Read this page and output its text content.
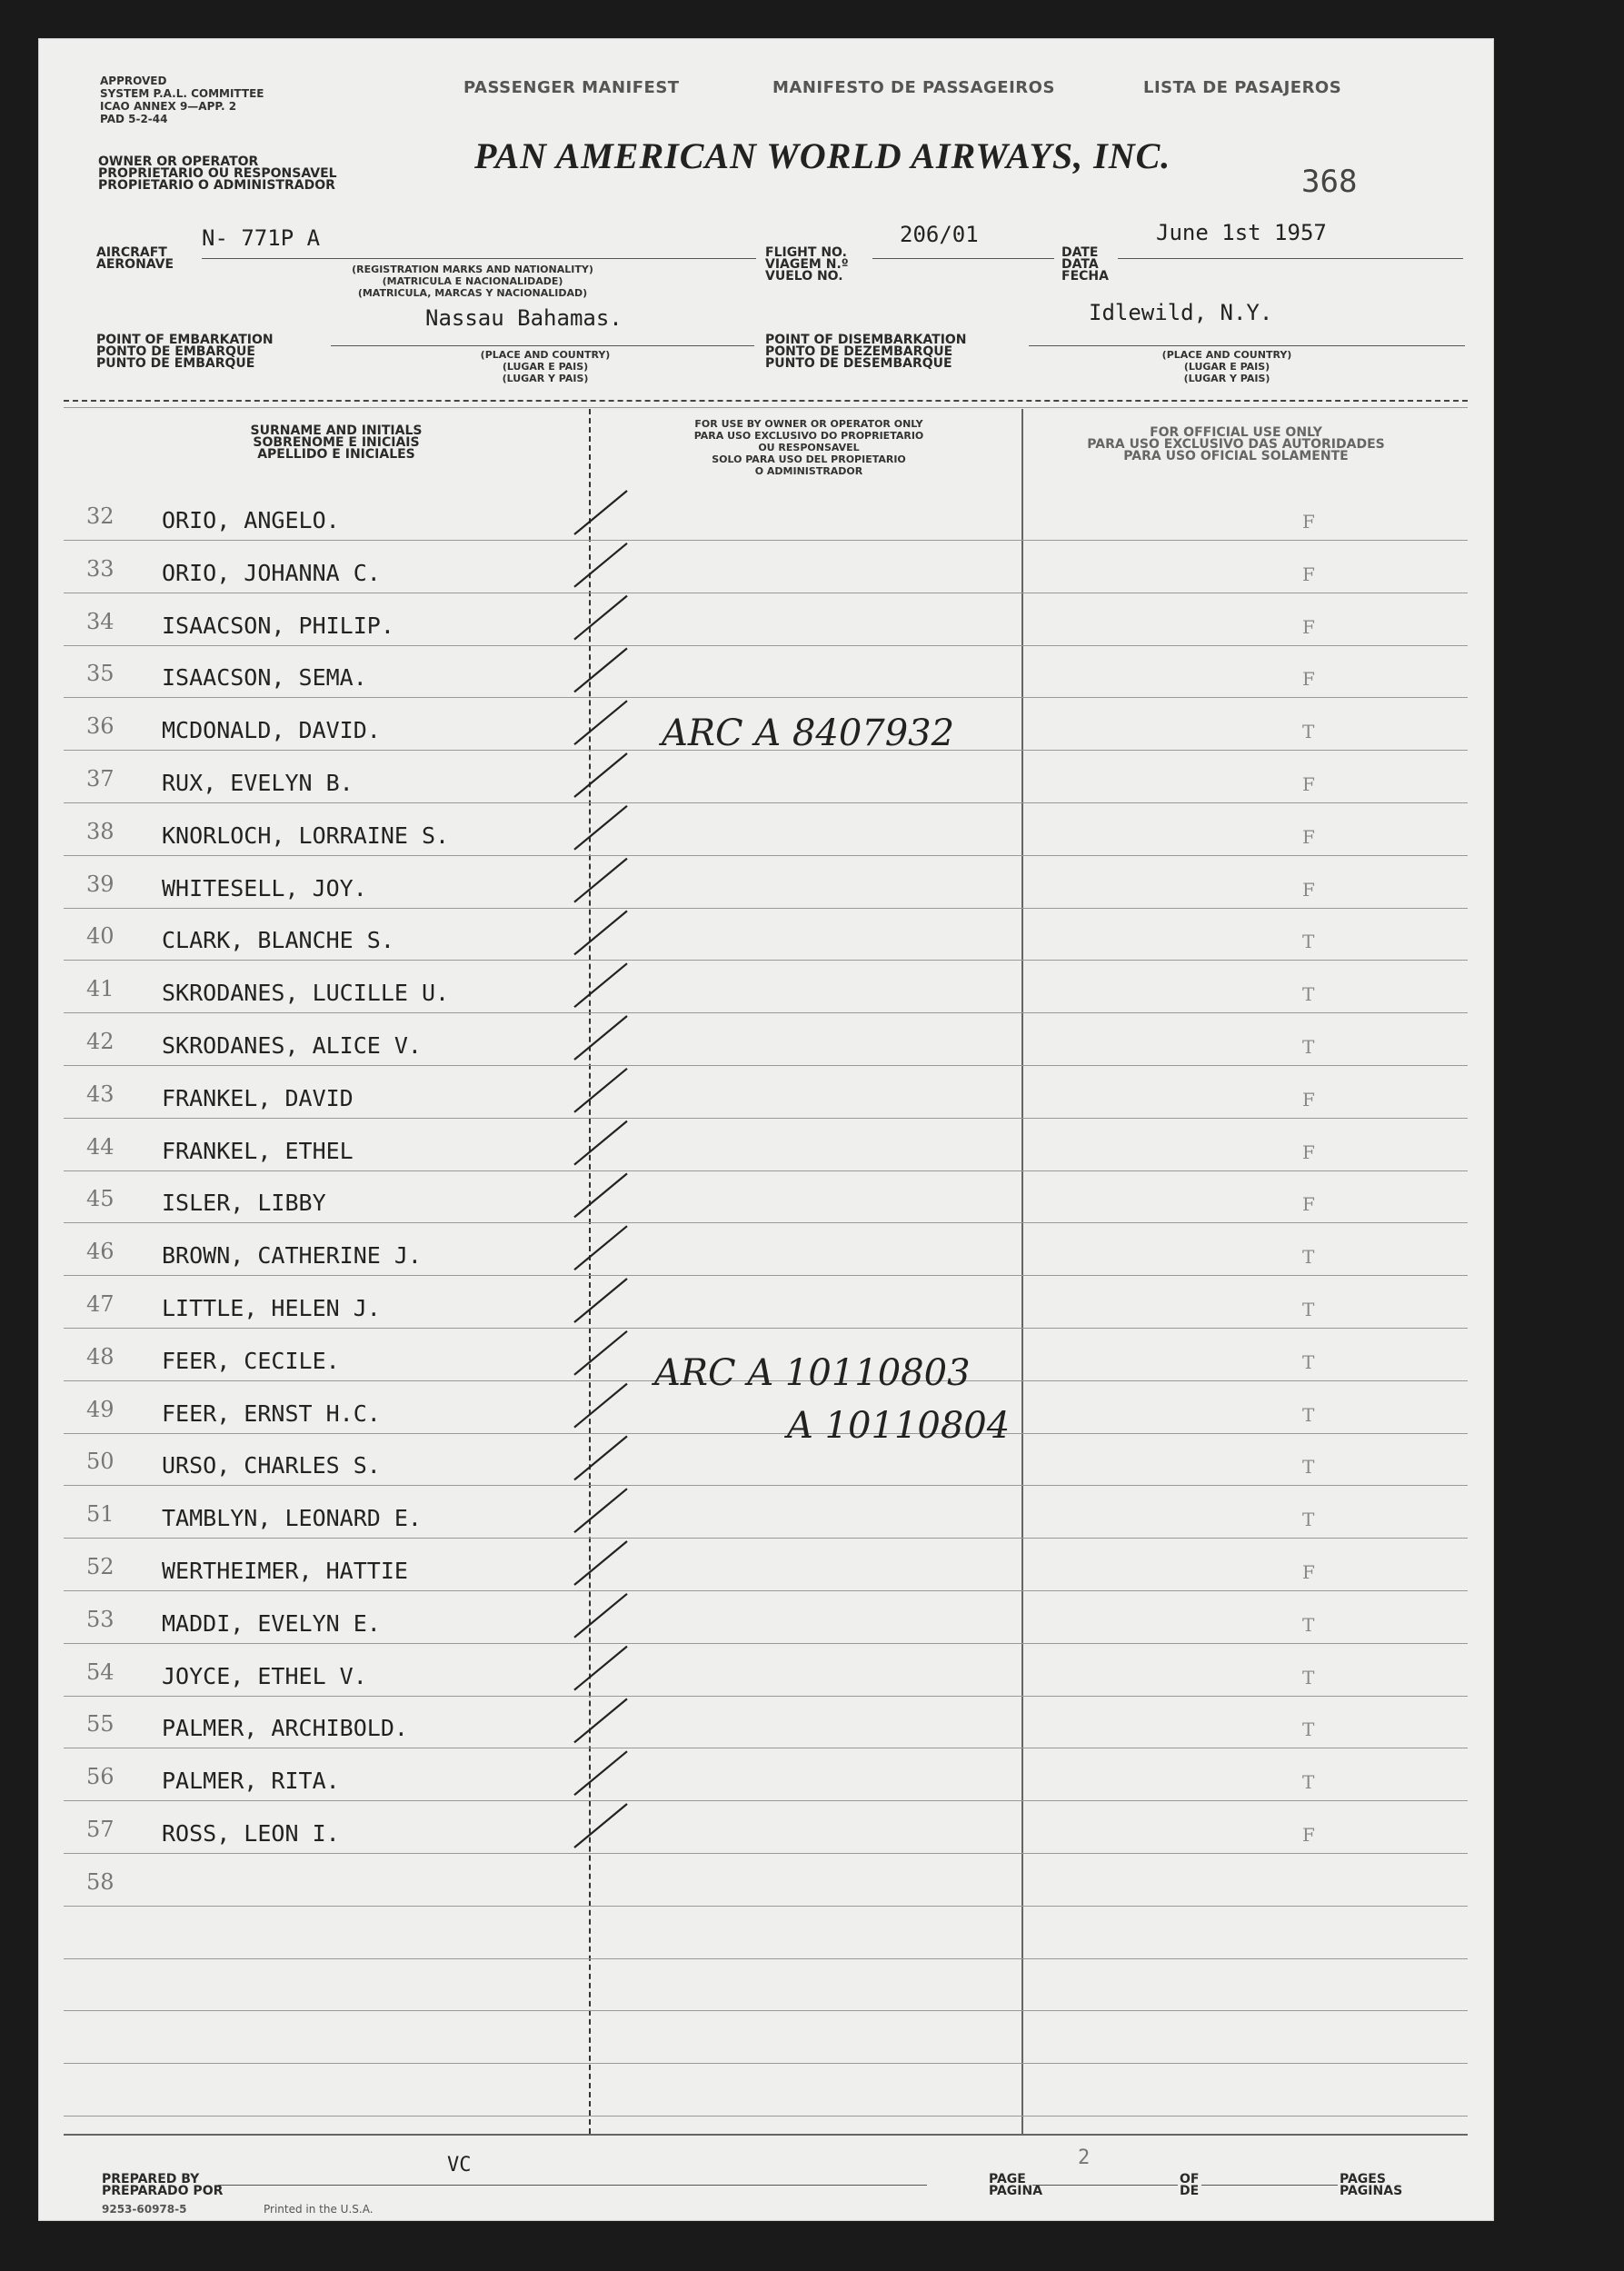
APPROVED
SYSTEM P.A.L. COMMITTEE
ICAO ANNEX 9—APP. 2
PAD 5-2-44
PASSENGER MANIFEST	MANIFESTO DE PASSAGEIROS	LISTA DE PASAJEROS
OWNER OR OPERATOR
PROPRIETARIO OU RESPONSAVEL
PROPIETARIO O ADMINISTRADOR
PAN AMERICAN WORLD AIRWAYS, INC.
368
AIRCRAFT
AERONAVE
N- 771P A
(REGISTRATION MARKS AND NATIONALITY)
(MATRICULA E NACIONALIDADE)
(MATRICULA, MARCAS Y NACIONALIDAD)
FLIGHT NO.
VIAGEM N.º
VUELO NO.
206/01
DATE
DATA
FECHA
June 1st 1957
Nassau Bahamas.
POINT OF EMBARKATION
PONTO DE EMBARQUE
PUNTO DE EMBARQUE
(PLACE AND COUNTRY)
(LUGAR E PAIS)
(LUGAR Y PAIS)
Idlewild, N.Y.
POINT OF DISEMBARKATION
PONTO DE DEZEMBARQUE
PUNTO DE DESEMBARQUE
(PLACE AND COUNTRY)
(LUGAR E PAIS)
(LUGAR Y PAIS)
SURNAME AND INITIALS
SOBRENOME E INICIAIS
APELLIDO E INICIALES
FOR USE BY OWNER OR OPERATOR ONLY
PARA USO EXCLUSIVO DO PROPRIETARIO
OU RESPONSAVEL
SOLO PARA USO DEL PROPIETARIO
O ADMINISTRADOR
FOR OFFICIAL USE ONLY
PARA USO EXCLUSIVO DAS AUTORIDADES
PARA USO OFICIAL SOLAMENTE
32 ORIO, ANGELO.	F
33 ORIO, JOHANNA C.	F
34 ISAACSON, PHILIP.	F
35 ISAACSON, SEMA.	F
36 MCDONALD, DAVID.	T
37 RUX, EVELYN B.	F
38 KNORLOCH, LORRAINE S.	F
39 WHITESELL, JOY.	F
40 CLARK, BLANCHE S.	T
41 SKRODANES, LUCILLE U.	T
42 SKRODANES, ALICE V.	T
43 FRANKEL, DAVID	F
44 FRANKEL, ETHEL	F
45 ISLER, LIBBY	F
46 BROWN, CATHERINE J.	T
47 LITTLE, HELEN J.	T
48 FEER, CECILE.	T
49 FEER, ERNST H.C.	T
50 URSO, CHARLES S.	T
51 TAMBLYN, LEONARD E.	T
52 WERTHEIMER, HATTIE	F
53 MADDI, EVELYN E.	T
54 JOYCE, ETHEL V.	T
55 PALMER, ARCHIBOLD.	T
56 PALMER, RITA.	T
57 ROSS, LEON I.	F
58
ARC A 8407932
ARC A 10110803
A 10110804
PREPARED BY
PREPARADO POR
VC
PAGE
PAGINA
2
OF
DE
PAGES
PAGINAS
9253-60978-5	Printed in the U.S.A.
